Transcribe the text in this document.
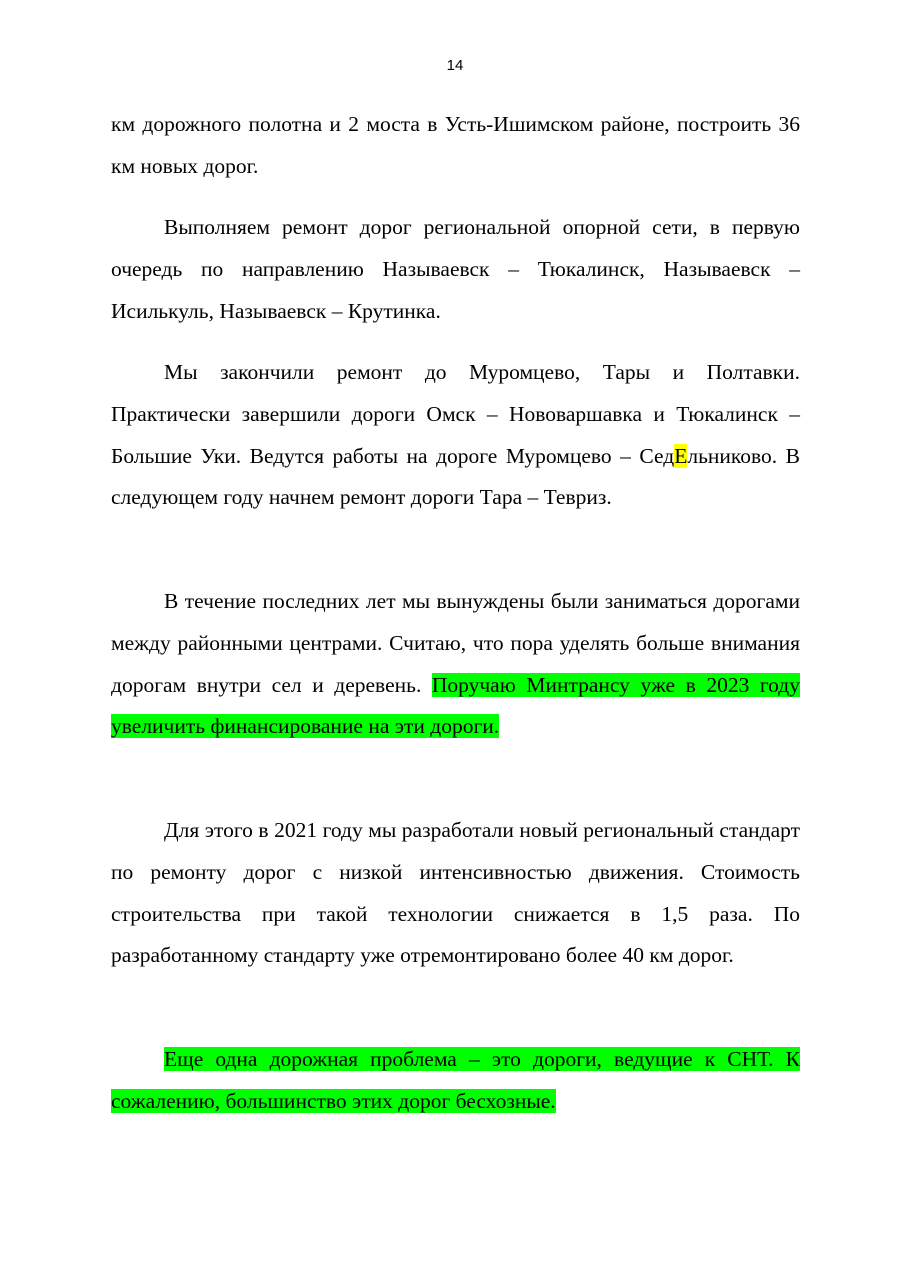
14

км дорожного полотна и 2 моста в Усть-Ишимском районе, построить 36 км новых дорог.

Выполняем ремонт дорог региональной опорной сети, в первую очередь по направлению Называевск – Тюкалинск, Называевск – Исилькуль, Называевск – Крутинка.

Мы закончили ремонт до Муромцево, Тары и Полтавки. Практически завершили дороги Омск – Нововаршавка и Тюкалинск – Большие Уки. Ведутся работы на дороге Муромцево – СедЕльниково. В следующем году начнем ремонт дороги Тара – Тевриз.

В течение последних лет мы вынуждены были заниматься дорогами между районными центрами. Считаю, что пора уделять больше внимания дорогам внутри сел и деревень. Поручаю Минтрансу уже в 2023 году увеличить финансирование на эти дороги.

Для этого в 2021 году мы разработали новый региональный стандарт по ремонту дорог с низкой интенсивностью движения. Стоимость строительства при такой технологии снижается в 1,5 раза. По разработанному стандарту уже отремонтировано более 40 км дорог.

Еще одна дорожная проблема – это дороги, ведущие к СНТ. К сожалению, большинство этих дорог бесхозные.
